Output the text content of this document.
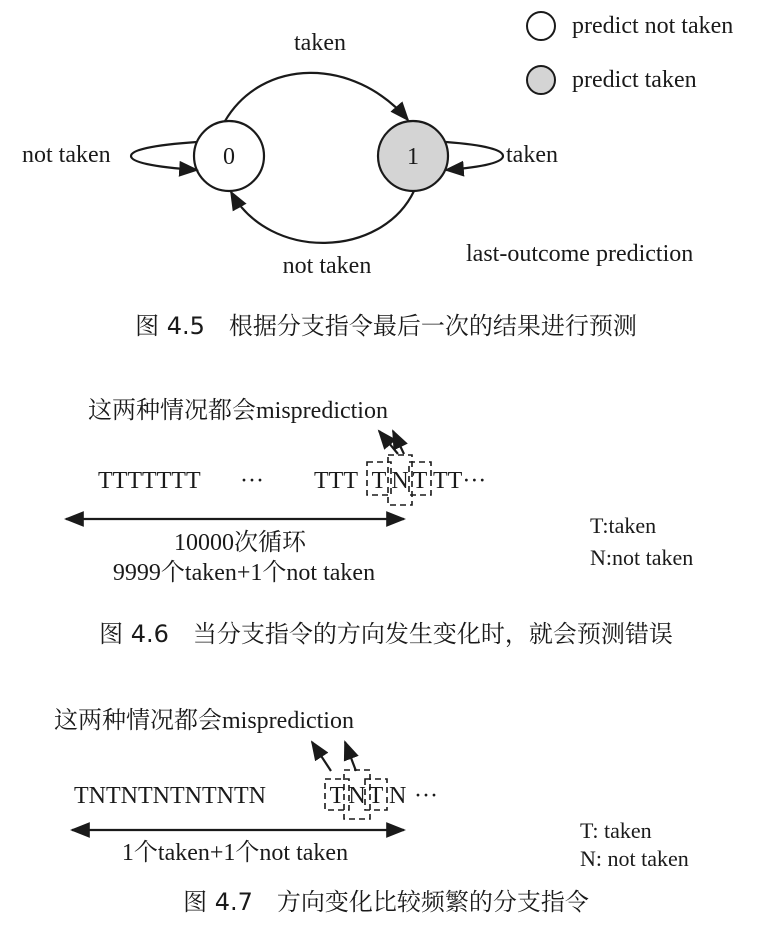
predict not taken
predict taken
0	1
taken
not taken
not taken	taken
last-outcome prediction
图 4.5　根据分支指令最后一次的结果进行预测
这两种情况都会misprediction
TTTTTTT ··· TTT T N T TT···
10000次循环
9999个taken+1个not taken
T:taken
N:not taken
图 4.6　当分支指令的方向发生变化时，就会预测错误
这两种情况都会misprediction
TNTNTNTNTNTN	T N T N ···
1个taken+1个not taken
T: taken
N: not taken
图 4.7　方向变化比较频繁的分支指令
